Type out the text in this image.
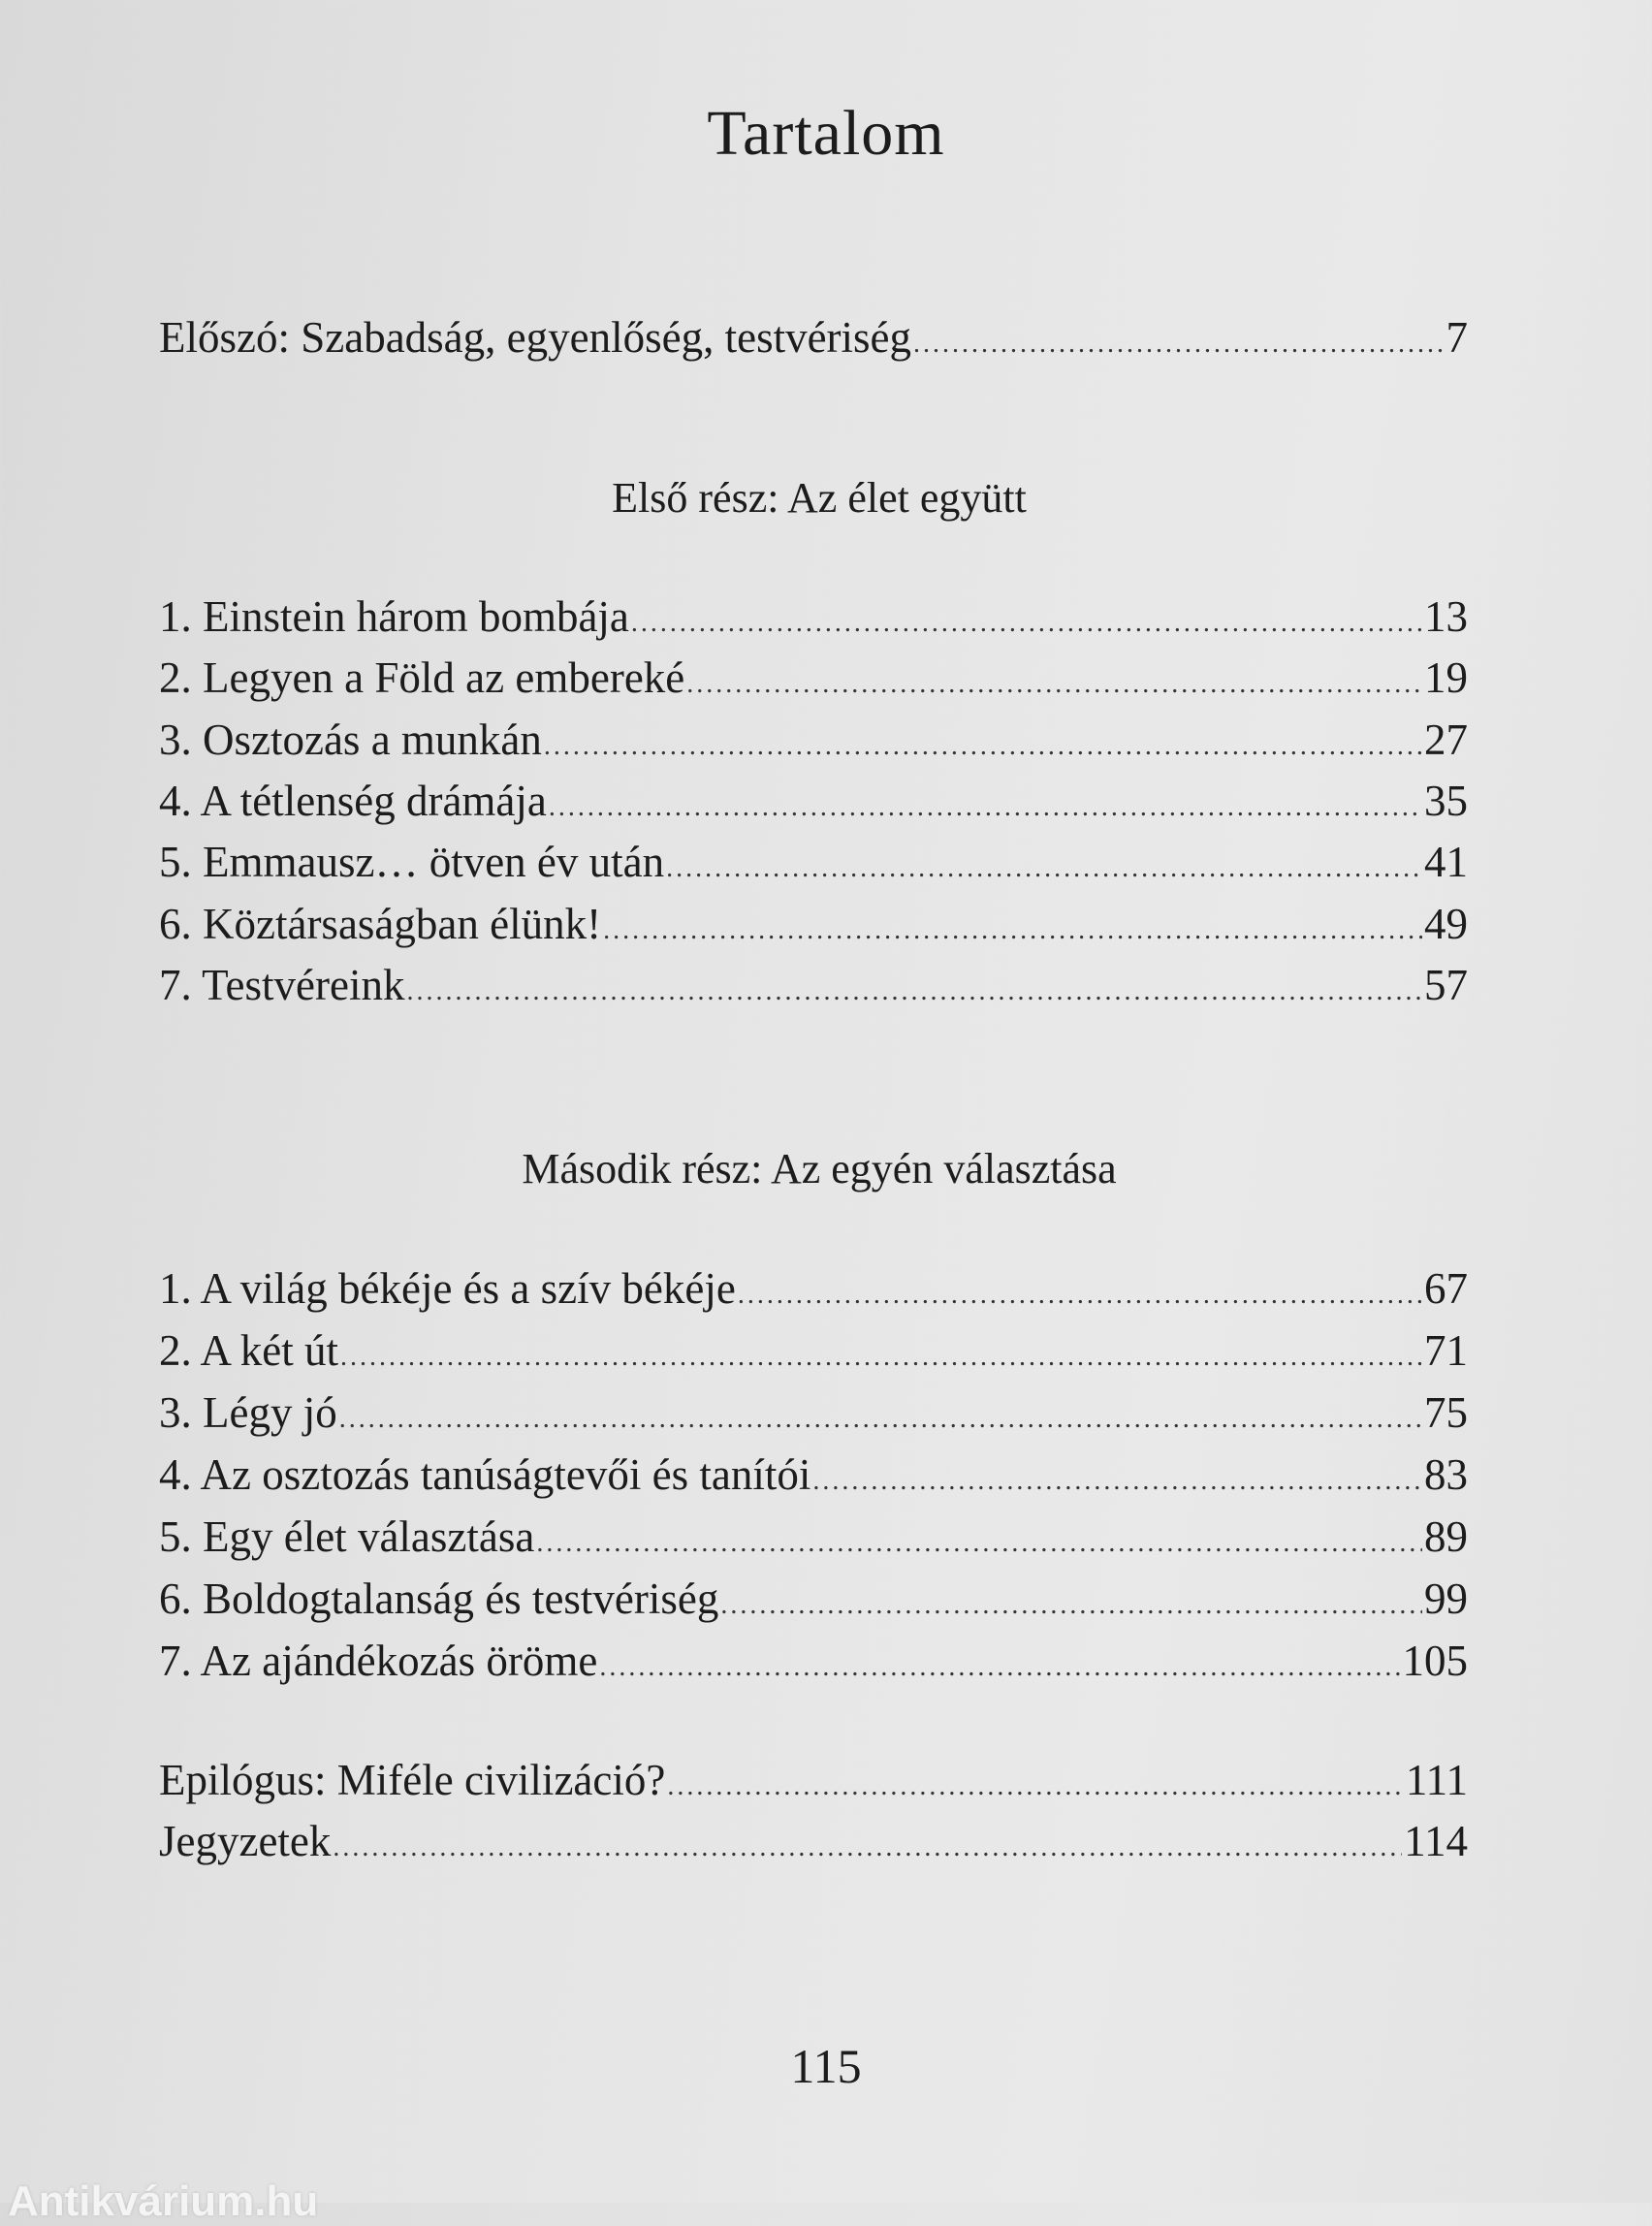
Tartalom
Előszó: Szabadság, egyenlőség, testvériség .....	7
Első rész: Az élet együtt
1. Einstein három bombája .....	13
2. Legyen a Föld az embereké .....	19
3. Osztozás a munkán .....	27
4. A tétlenség drámája .....	35
5. Emmausz… ötven év után .....	41
6. Köztársaságban élünk! .....	49
7. Testvéreink .....	57
Második rész: Az egyén választása
1. A világ békéje és a szív békéje .....	67
2. A két út .....	71
3. Légy jó .....	75
4. Az osztozás tanúságtevői és tanítói .....	83
5. Egy élet választása .....	89
6. Boldogtalanság és testvériség .....	99
7. Az ajándékozás öröme .....	105
Epilógus: Miféle civilizáció? .....	111
Jegyzetek .....	114
115
Antikvárium.hu
